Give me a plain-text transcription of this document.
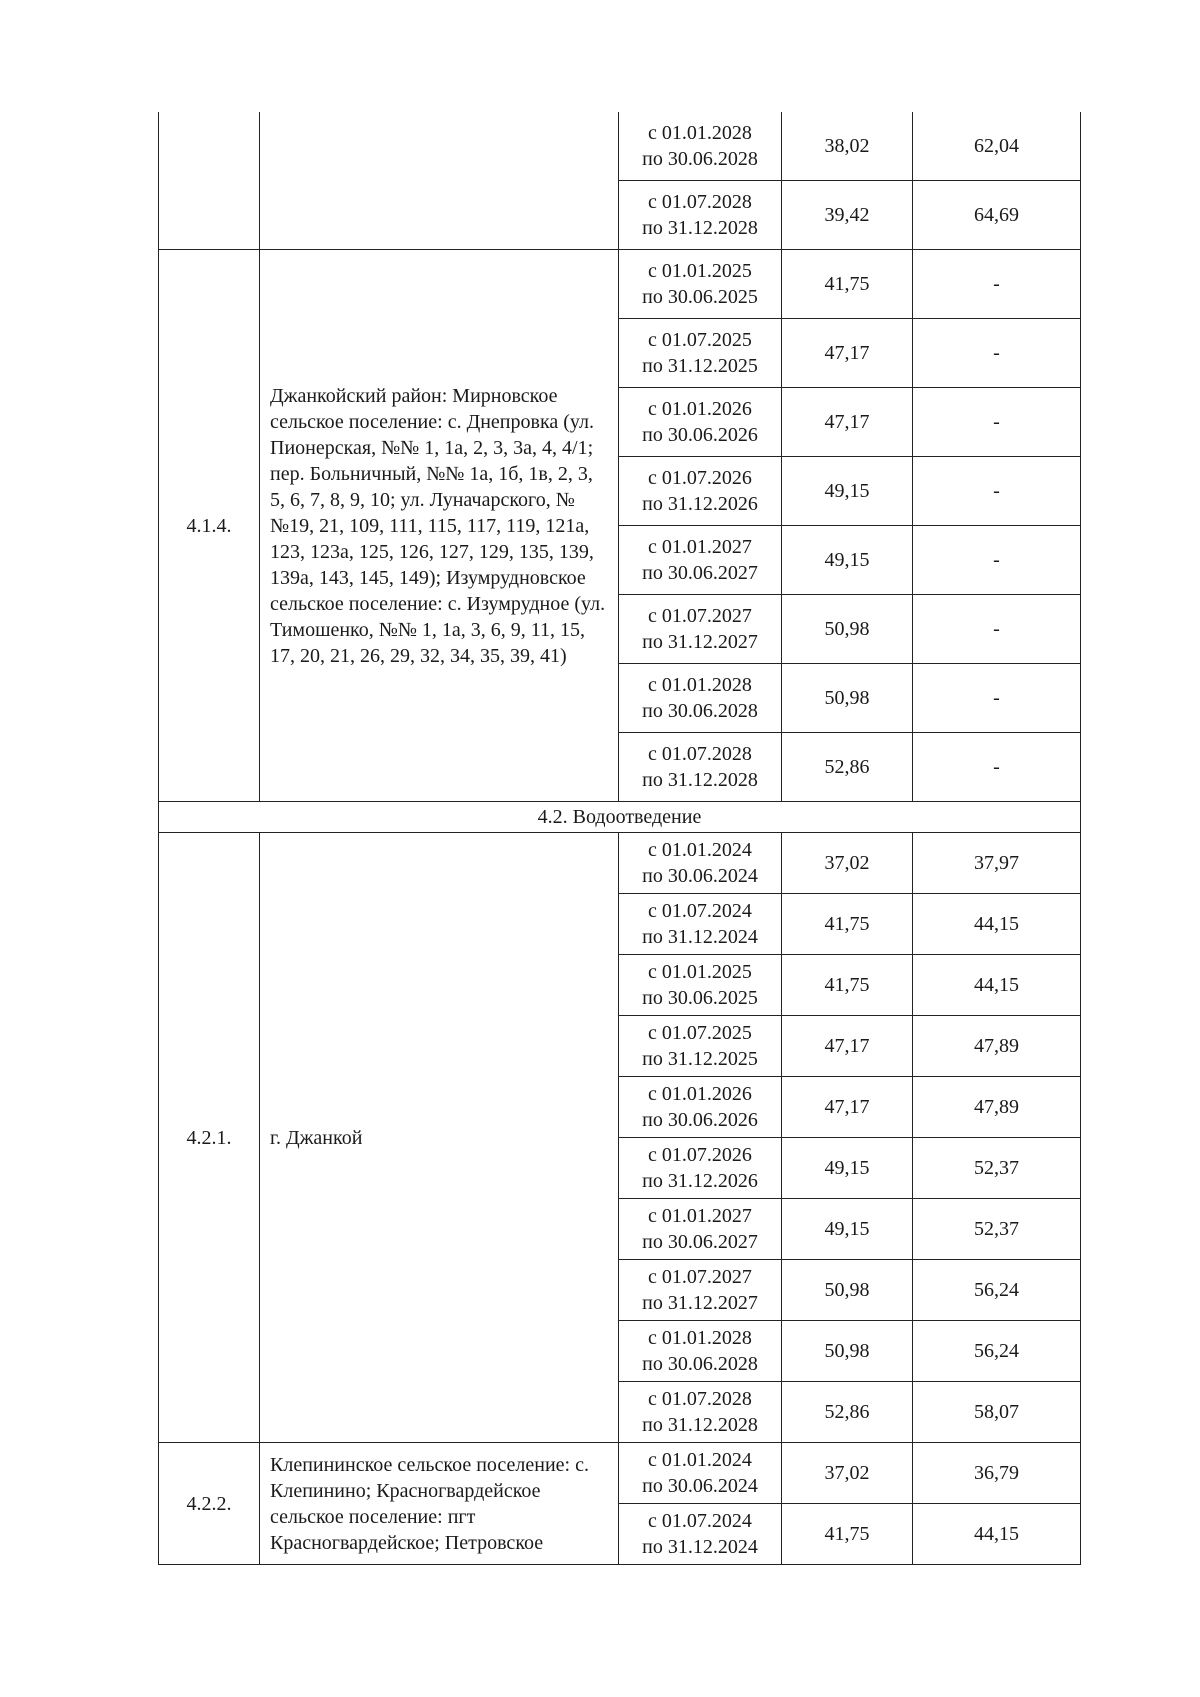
		с 01.01.2028
по 30.06.2028	38,02	62,04
		с 01.07.2028
по 31.12.2028	39,42	64,69
4.1.4.	Джанкойский район: Мирновское сельское поселение: с. Днепровка (ул. Пионерская, №№ 1, 1а, 2, 3, 3а, 4, 4/1; пер. Больничный, №№ 1а, 1б, 1в, 2, 3, 5, 6, 7, 8, 9, 10; ул. Луначарского, №№19, 21, 109, 111, 115, 117, 119, 121а, 123, 123а, 125, 126, 127, 129, 135, 139, 139а, 143, 145, 149); Изумрудновское сельское поселение: с. Изумрудное (ул. Тимошенко, №№ 1, 1а, 3, 6, 9, 11, 15, 17, 20, 21, 26, 29, 32, 34, 35, 39, 41)	с 01.01.2025
по 30.06.2025	41,75	-
		с 01.07.2025
по 31.12.2025	47,17	-
		с 01.01.2026
по 30.06.2026	47,17	-
		с 01.07.2026
по 31.12.2026	49,15	-
		с 01.01.2027
по 30.06.2027	49,15	-
		с 01.07.2027
по 31.12.2027	50,98	-
		с 01.01.2028
по 30.06.2028	50,98	-
		с 01.07.2028
по 31.12.2028	52,86	-
4.2. Водоотведение				
4.2.1.	г. Джанкой	с 01.01.2024
по 30.06.2024	37,02	37,97
		с 01.07.2024
по 31.12.2024	41,75	44,15
		с 01.01.2025
по 30.06.2025	41,75	44,15
		с 01.07.2025
по 31.12.2025	47,17	47,89
		с 01.01.2026
по 30.06.2026	47,17	47,89
		с 01.07.2026
по 31.12.2026	49,15	52,37
		с 01.01.2027
по 30.06.2027	49,15	52,37
		с 01.07.2027
по 31.12.2027	50,98	56,24
		с 01.01.2028
по 30.06.2028	50,98	56,24
		с 01.07.2028
по 31.12.2028	52,86	58,07
4.2.2.	Клепининское сельское поселение: с. Клепинино; Красногвардейское сельское поселение: пгт Красногвардейское; Петровское	с 01.01.2024
по 30.06.2024	37,02	36,79
		с 01.07.2024
по 31.12.2024	41,75	44,15
